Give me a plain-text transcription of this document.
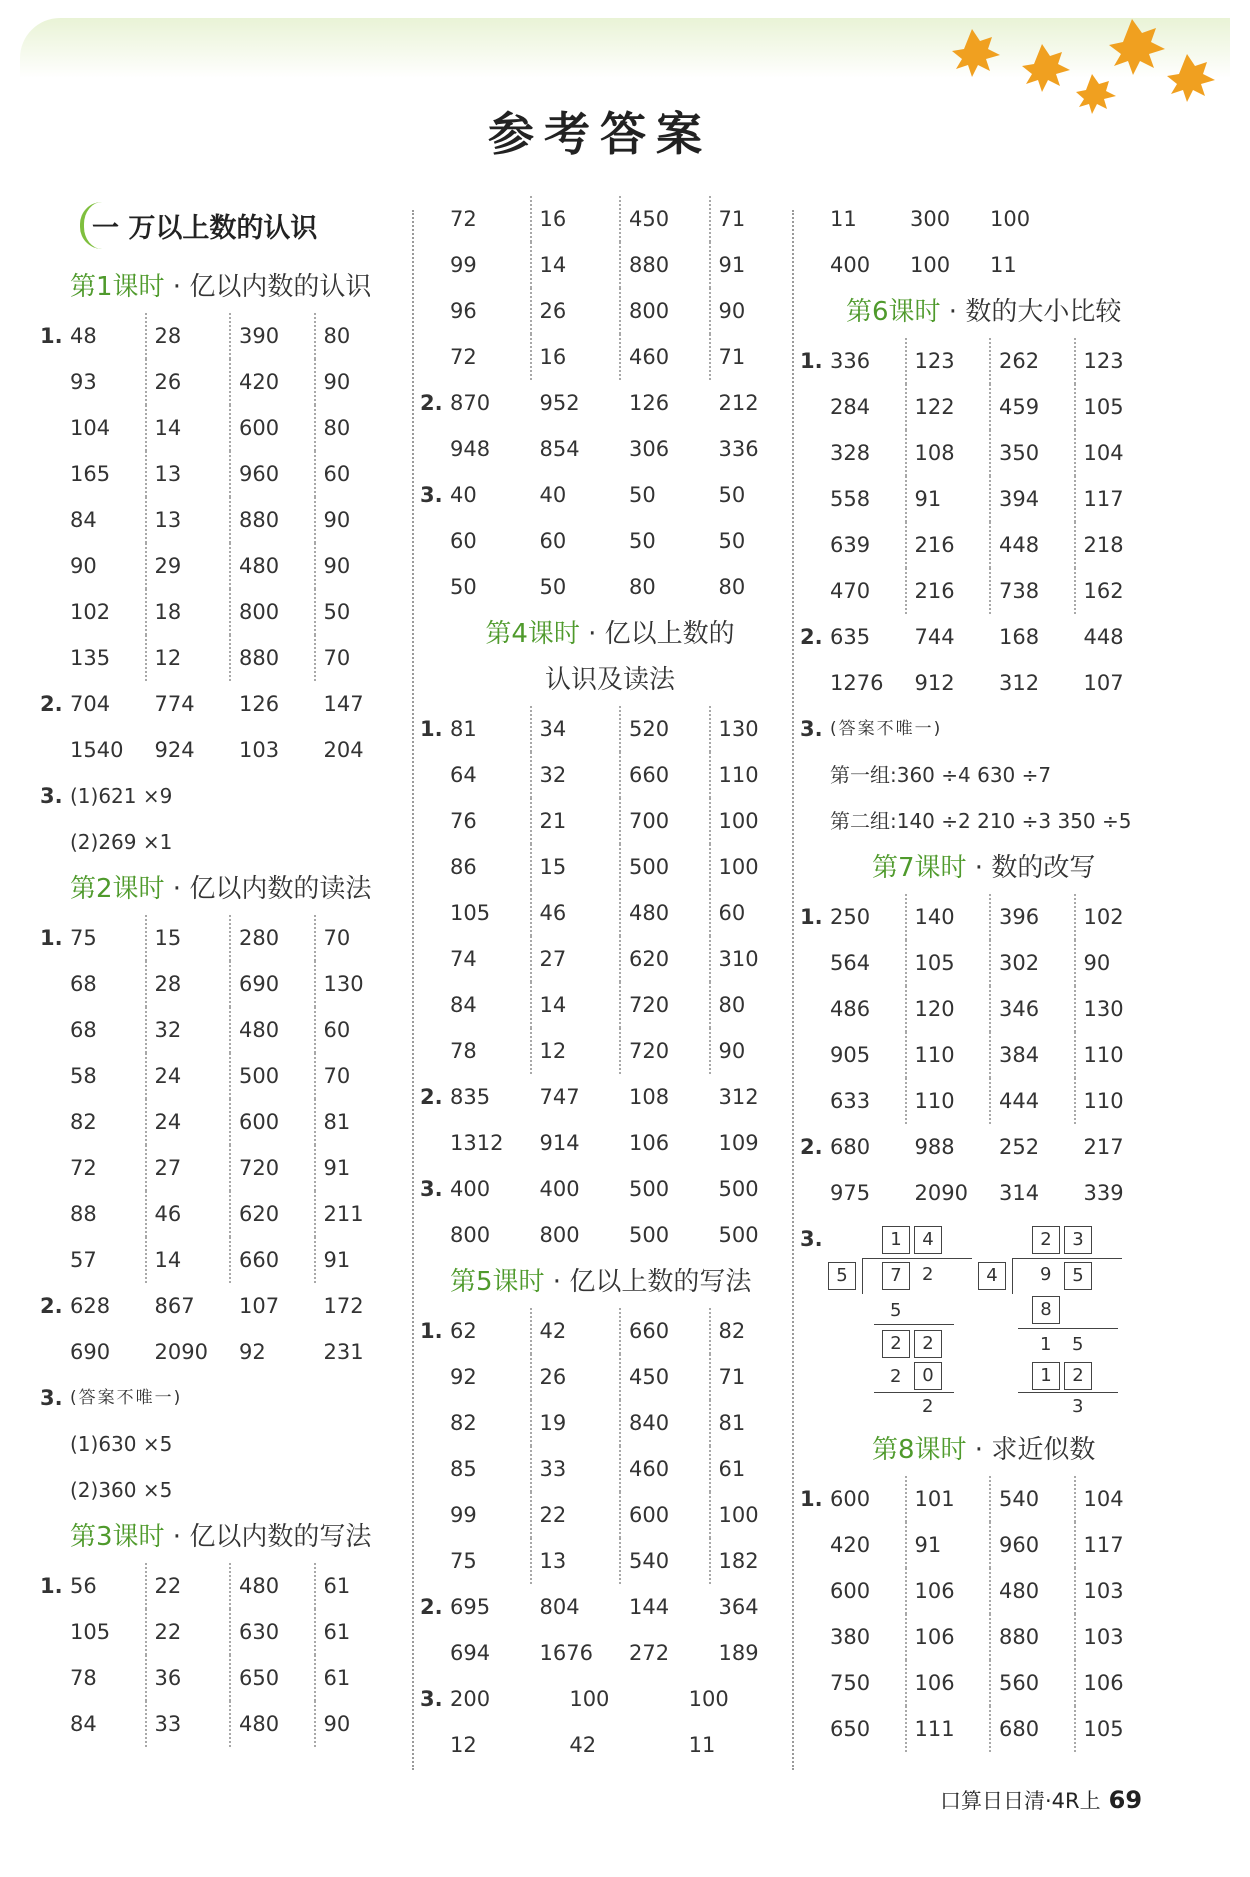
参考答案
一 万以上数的认识
第1课时 · 亿以内数的认识
1. 48	28	390	80
93	26	420	90
104	14	600	80
165	13	960	60
84	13	880	90
90	29	480	90
102	18	800	50
135	12	880	70
2. 704	774	126	147
1540	924	103	204
3. (1)621 ×9
(2)269 ×1
第2课时 · 亿以内数的读法
1. 75	15	280	70
68	28	690	130
68	32	480	60
58	24	500	70
82	24	600	81
72	27	720	91
88	46	620	211
57	14	660	91
2. 628	867	107	172
690	2090	92	231
3. (答案不唯一)
(1)630 ×5
(2)360 ×5
第3课时 · 亿以内数的写法
1. 56	22	480	61
105	22	630	61
78	36	650	61
84	33	480	90
72	16	450	71
99	14	880	91
96	26	800	90
72	16	460	71
2. 870	952	126	212
948	854	306	336
3. 40	40	50	50
60	60	50	50
50	50	80	80
第4课时 · 亿以上数的
认识及读法
1. 81	34	520	130
64	32	660	110
76	21	700	100
86	15	500	100
105	46	480	60
74	27	620	310
84	14	720	80
78	12	720	90
2. 835	747	108	312
1312	914	106	109
3. 400	400	500	500
800	800	500	500
第5课时 · 亿以上数的写法
1. 62	42	660	82
92	26	450	71
82	19	840	81
85	33	460	61
99	22	600	100
75	13	540	182
2. 695	804	144	364
694	1676	272	189
3. 200	100	100
12	42	11
11	300	100
400	100	11
第6课时 · 数的大小比较
1. 336	123	262	123
284	122	459	105
328	108	350	104
558	91	394	117
639	216	448	218
470	216	738	162
2. 635	744	168	448
1276	912	312	107
3. (答案不唯一)
第一组:360 ÷4 630 ÷7
第二组:140 ÷2 210 ÷3 350 ÷5
第7课时 · 数的改写
1. 250	140	396	102
564	105	302	90
486	120	346	130
905	110	384	110
633	110	444	110
2. 680	988	252	217
975	2090	314	339
3.	1	4
5	7	2
5
2	2
2	0
2
2	3
4	9	5
8
1 5
1	2
3
第8课时 · 求近似数
1. 600	101	540	104
420	91	960	117
600	106	480	103
380	106	880	103
750	106	560	106
650	111	680	105
口算日日清·4R上 69
